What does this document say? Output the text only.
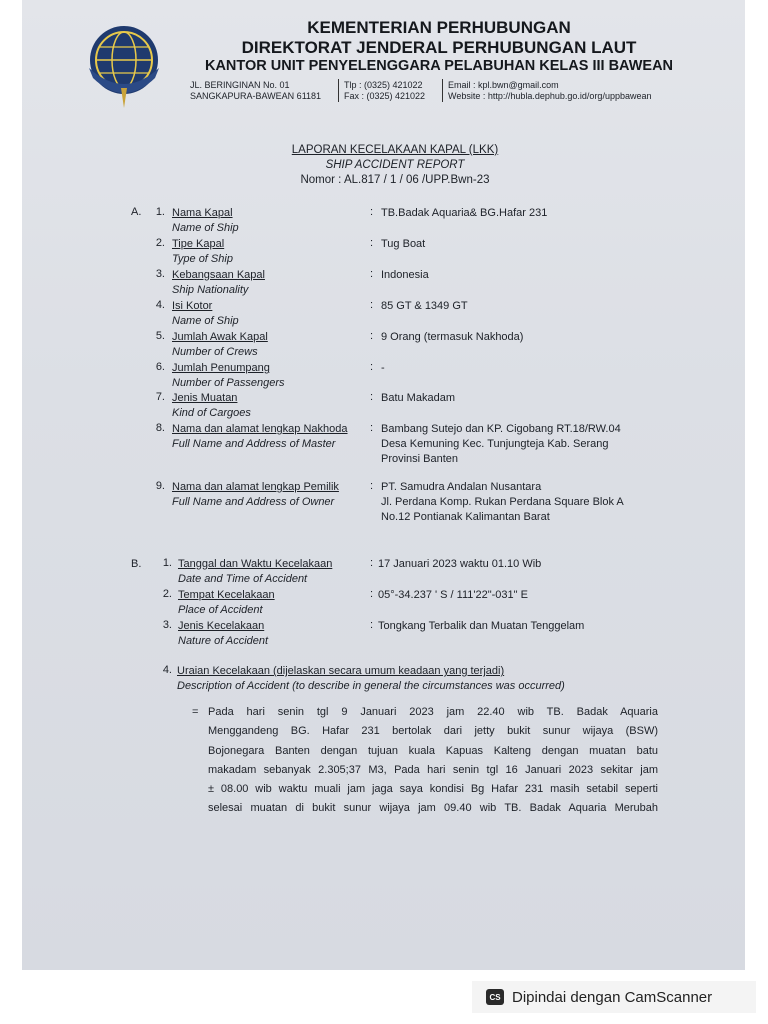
KEMENTERIAN PERHUBUNGAN
DIREKTORAT JENDERAL PERHUBUNGAN LAUT
KANTOR UNIT PENYELENGGARA PELABUHAN KELAS III BAWEAN
JL. BERINGINAN No. 01
SANGKAPURA-BAWEAN 61181
Tlp : (0325) 421022
Fax : (0325) 421022
Email : kpl.bwn@gmail.com
Website : http://hubla.dephub.go.id/org/uppbawean
LAPORAN KECELAKAAN KAPAL (LKK)
SHIP ACCIDENT REPORT
Nomor : AL.817 / 1 / 06 /UPP.Bwn-23
A.	1. Nama Kapal
Name of Ship
: TB.Badak Aquaria& BG.Hafar 231
2. Tipe Kapal
Type of Ship
: Tug Boat
3. Kebangsaan Kapal
Ship Nationality
: Indonesia
4. Isi Kotor
Name of Ship
: 85 GT & 1349 GT
5. Jumlah Awak Kapal
Number of Crews
: 9 Orang (termasuk Nakhoda)
6. Jumlah Penumpang
Number of Passengers
: -
7. Jenis Muatan
Kind of Cargoes
: Batu Makadam
8. Nama dan alamat lengkap Nakhoda
Full Name and Address of Master
: Bambang Sutejo dan KP. Cigobang RT.18/RW.04
Desa Kemuning Kec. Tunjungteja Kab. Serang
Provinsi Banten
9. Nama dan alamat lengkap Pemilik
Full Name and Address of Owner
: PT. Samudra Andalan Nusantara
Jl. Perdana Komp. Rukan Perdana Square Blok A
No.12 Pontianak Kalimantan Barat
B.	1. Tanggal dan Waktu Kecelakaan
Date and Time of Accident
: 17 Januari 2023 waktu 01.10 Wib
2. Tempat Kecelakaan
Place of Accident
: 05°-34.237 ' S / 111'22"-031" E
3. Jenis Kecelakaan
Nature of Accident
: Tongkang Terbalik dan Muatan Tenggelam
4. Uraian Kecelakaan (dijelaskan secara umum keadaan yang terjadi)
Description of Accident (to describe in general the circumstances was occurred)
= Pada hari senin tgl 9 Januari 2023 jam 22.40 wib TB. Badak Aquaria
Menggandeng BG. Hafar 231 bertolak dari jetty bukit sunur wijaya (BSW)
Bojonegara Banten dengan tujuan kuala Kapuas Kalteng dengan muatan batu
makadam sebanyak 2.305;37 M3, Pada hari senin tgl 16 Januari 2023 sekitar jam
± 08.00 wib waktu muali jam jaga saya kondisi Bg Hafar 231 masih setabil seperti
selesai muatan di bukit sunur wijaya jam 09.40 wib TB. Badak Aquaria Merubah
CS Dipindai dengan CamScanner
